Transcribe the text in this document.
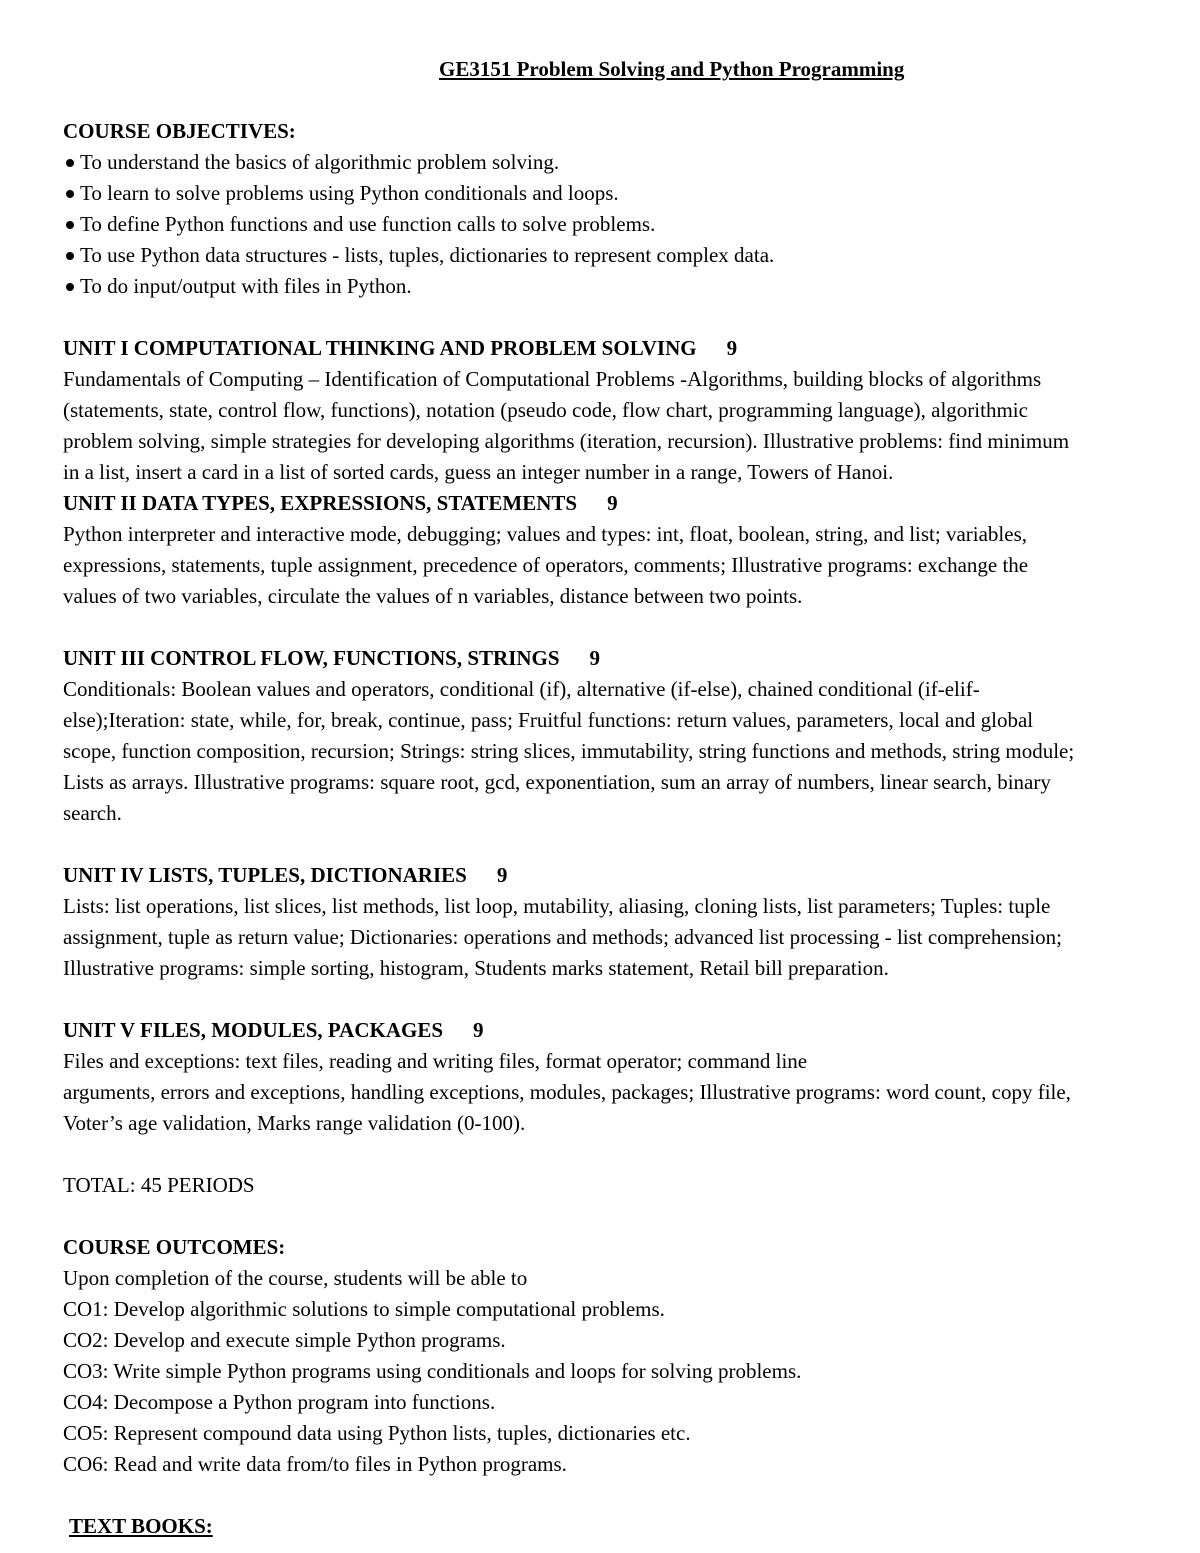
GE3151 Problem Solving and Python Programming
COURSE OBJECTIVES:
To understand the basics of algorithmic problem solving.
To learn to solve problems using Python conditionals and loops.
To define Python functions and use function calls to solve problems.
To use Python data structures - lists, tuples, dictionaries to represent complex data.
To do input/output with files in Python.
UNIT I COMPUTATIONAL THINKING AND PROBLEM SOLVING 9
Fundamentals of Computing – Identification of Computational Problems -Algorithms, building blocks of algorithms
(statements, state, control flow, functions), notation (pseudo code, flow chart, programming language), algorithmic
problem solving, simple strategies for developing algorithms (iteration, recursion). Illustrative problems: find minimum
in a list, insert a card in a list of sorted cards, guess an integer number in a range, Towers of Hanoi.
UNIT II DATA TYPES, EXPRESSIONS, STATEMENTS 9
Python interpreter and interactive mode, debugging; values and types: int, float, boolean, string, and list; variables,
expressions, statements, tuple assignment, precedence of operators, comments; Illustrative programs: exchange the
values of two variables, circulate the values of n variables, distance between two points.
UNIT III CONTROL FLOW, FUNCTIONS, STRINGS 9
Conditionals: Boolean values and operators, conditional (if), alternative (if-else), chained conditional (if-elif-
else);Iteration: state, while, for, break, continue, pass; Fruitful functions: return values, parameters, local and global
scope, function composition, recursion; Strings: string slices, immutability, string functions and methods, string module;
Lists as arrays. Illustrative programs: square root, gcd, exponentiation, sum an array of numbers, linear search, binary
search.
UNIT IV LISTS, TUPLES, DICTIONARIES 9
Lists: list operations, list slices, list methods, list loop, mutability, aliasing, cloning lists, list parameters; Tuples: tuple
assignment, tuple as return value; Dictionaries: operations and methods; advanced list processing - list comprehension;
Illustrative programs: simple sorting, histogram, Students marks statement, Retail bill preparation.
UNIT V FILES, MODULES, PACKAGES 9
Files and exceptions: text files, reading and writing files, format operator; command line
arguments, errors and exceptions, handling exceptions, modules, packages; Illustrative programs: word count, copy file,
Voter’s age validation, Marks range validation (0-100).
TOTAL: 45 PERIODS
COURSE OUTCOMES:
Upon completion of the course, students will be able to
CO1: Develop algorithmic solutions to simple computational problems.
CO2: Develop and execute simple Python programs.
CO3: Write simple Python programs using conditionals and loops for solving problems.
CO4: Decompose a Python program into functions.
CO5: Represent compound data using Python lists, tuples, dictionaries etc.
CO6: Read and write data from/to files in Python programs.
TEXT BOOKS:
